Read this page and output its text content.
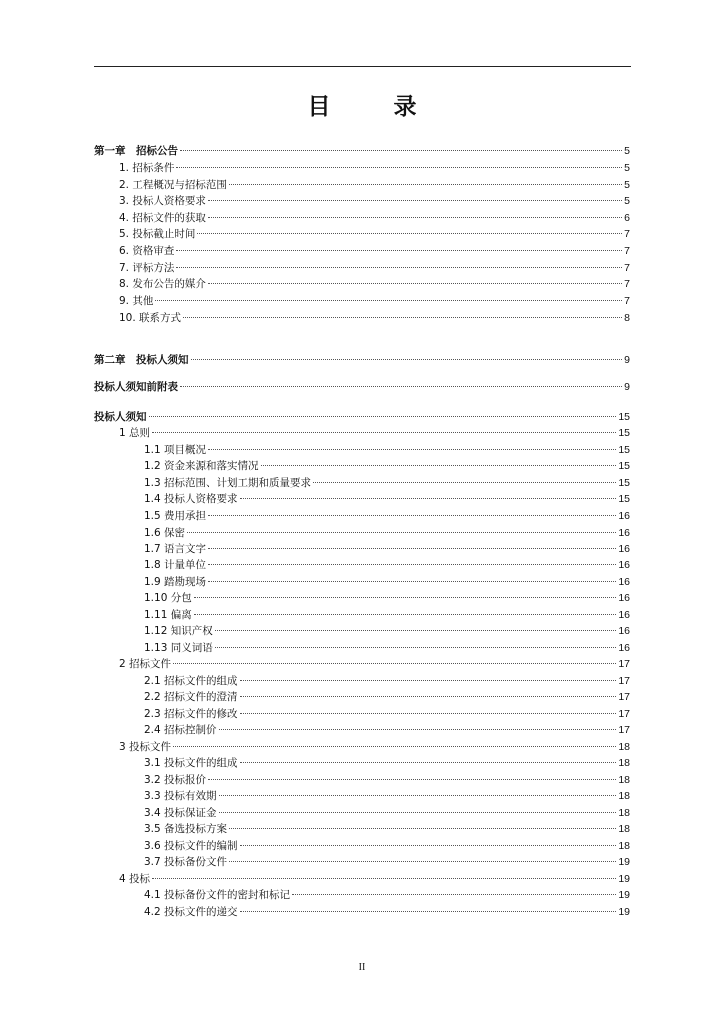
目　录
第一章　招标公告	5
1. 招标条件	5
2. 工程概况与招标范围	5
3. 投标人资格要求	5
4. 招标文件的获取	6
5. 投标截止时间	7
6. 资格审查	7
7. 评标方法	7
8. 发布公告的媒介	7
9. 其他	7
10. 联系方式	8
第二章　投标人须知	9
投标人须知前附表	9
投标人须知	15
1 总则	15
1.1 项目概况	15
1.2 资金来源和落实情况	15
1.3 招标范围、计划工期和质量要求	15
1.4 投标人资格要求	15
1.5 费用承担	16
1.6 保密	16
1.7 语言文字	16
1.8 计量单位	16
1.9 踏勘现场	16
1.10 分包	16
1.11 偏离	16
1.12 知识产权	16
1.13 同义词语	16
2 招标文件	17
2.1 招标文件的组成	17
2.2 招标文件的澄清	17
2.3 招标文件的修改	17
2.4 招标控制价	17
3 投标文件	18
3.1 投标文件的组成	18
3.2 投标报价	18
3.3 投标有效期	18
3.4 投标保证金	18
3.5 备选投标方案	18
3.6 投标文件的编制	18
3.7 投标备份文件	19
4 投标	19
4.1 投标备份文件的密封和标记	19
4.2 投标文件的递交	19
II
